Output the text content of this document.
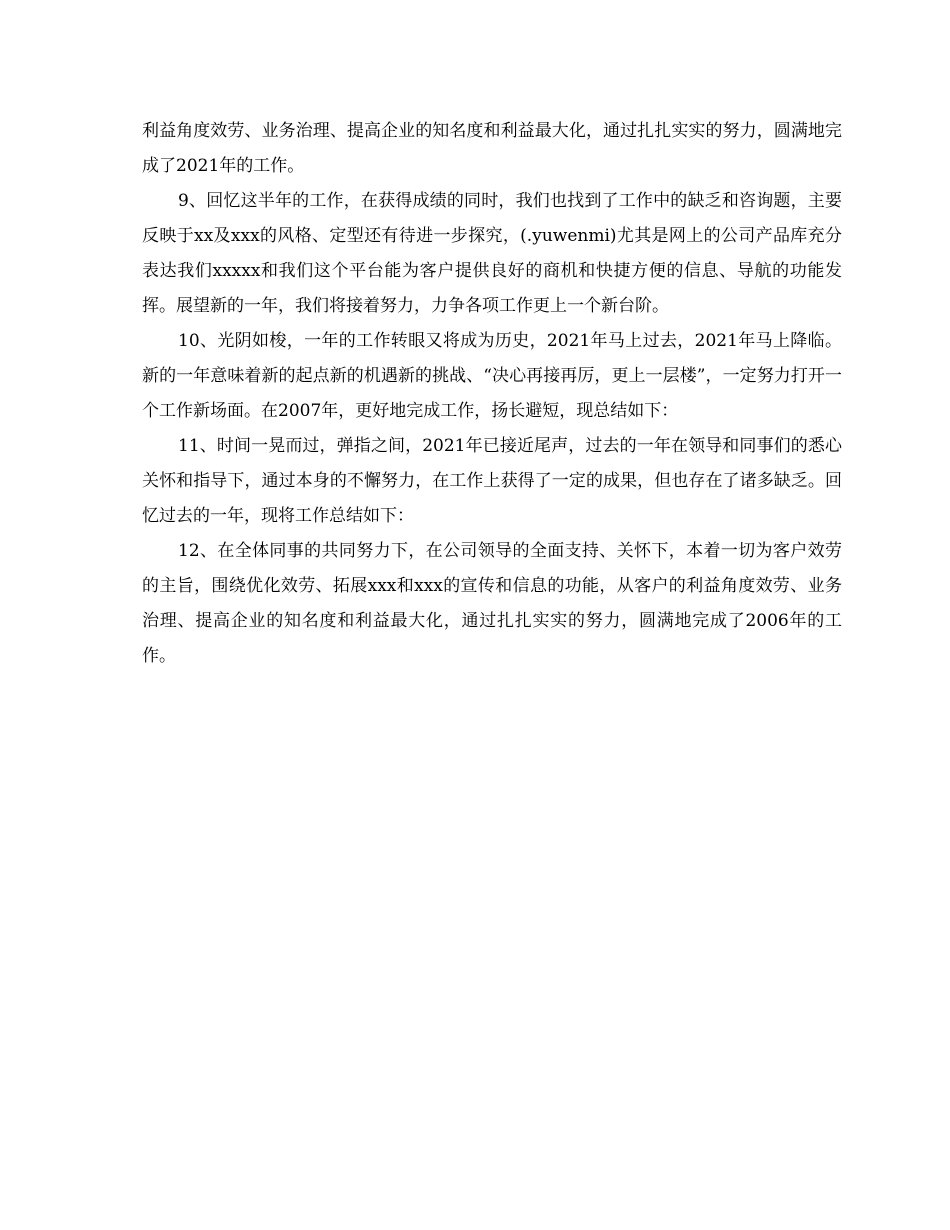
利益角度效劳、业务治理、提高企业的知名度和利益最大化，通过扎扎实实的努力，圆满地完成了2021年的工作。

9、回忆这半年的工作，在获得成绩的同时，我们也找到了工作中的缺乏和咨询题，主要反映于xx及xxx的风格、定型还有待进一步探究，(.yuwenmi)尤其是网上的公司产品库充分表达我们xxxxx和我们这个平台能为客户提供良好的商机和快捷方便的信息、导航的功能发挥。展望新的一年，我们将接着努力，力争各项工作更上一个新台阶。

10、光阴如梭，一年的工作转眼又将成为历史，2021年马上过去，2021年马上降临。新的一年意味着新的起点新的机遇新的挑战、“决心再接再厉，更上一层楼”，一定努力打开一个工作新场面。在2007年，更好地完成工作，扬长避短，现总结如下：

11、时间一晃而过，弹指之间，2021年已接近尾声，过去的一年在领导和同事们的悉心关怀和指导下，通过本身的不懈努力，在工作上获得了一定的成果，但也存在了诸多缺乏。回忆过去的一年，现将工作总结如下：

12、在全体同事的共同努力下，在公司领导的全面支持、关怀下，本着一切为客户效劳的主旨，围绕优化效劳、拓展xxx和xxx的宣传和信息的功能，从客户的利益角度效劳、业务治理、提高企业的知名度和利益最大化，通过扎扎实实的努力，圆满地完成了2006年的工作。
